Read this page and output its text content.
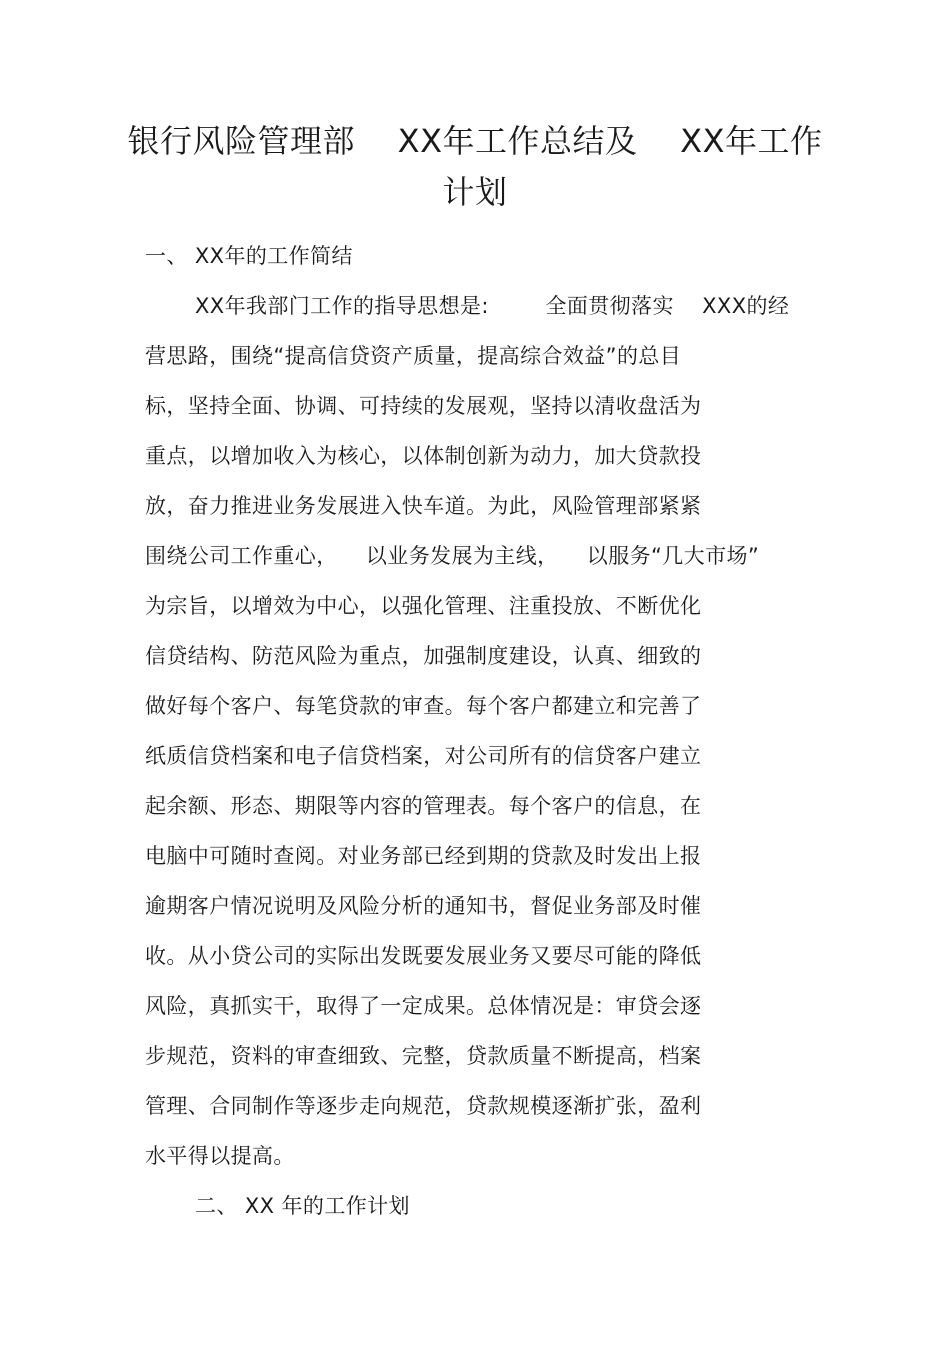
银行风险管理部    XX年工作总结及    XX年工作
计划
一、 XX年的工作简结
XX年我部门工作的指导思想是:        全面贯彻落实    XXX的经
营思路，围绕“提高信贷资产质量，提高综合效益”的总目
标，坚持全面、协调、可持续的发展观，坚持以清收盘活为
重点，以增加收入为核心，以体制创新为动力，加大贷款投
放，奋力推进业务发展进入快车道。为此，风险管理部紧紧
围绕公司工作重心，    以业务发展为主线，    以服务“几大市场”
为宗旨，以增效为中心，以强化管理、注重投放、不断优化
信贷结构、防范风险为重点，加强制度建设，认真、细致的
做好每个客户、每笔贷款的审查。每个客户都建立和完善了
纸质信贷档案和电子信贷档案，对公司所有的信贷客户建立
起余额、形态、期限等内容的管理表。每个客户的信息，在
电脑中可随时查阅。对业务部已经到期的贷款及时发出上报
逾期客户情况说明及风险分析的通知书，督促业务部及时催
收。从小贷公司的实际出发既要发展业务又要尽可能的降低
风险，真抓实干，取得了一定成果。总体情况是：审贷会逐
步规范，资料的审查细致、完整，贷款质量不断提高，档案
管理、合同制作等逐步走向规范，贷款规模逐渐扩张，盈利
水平得以提高。
二、 XX 年的工作计划
